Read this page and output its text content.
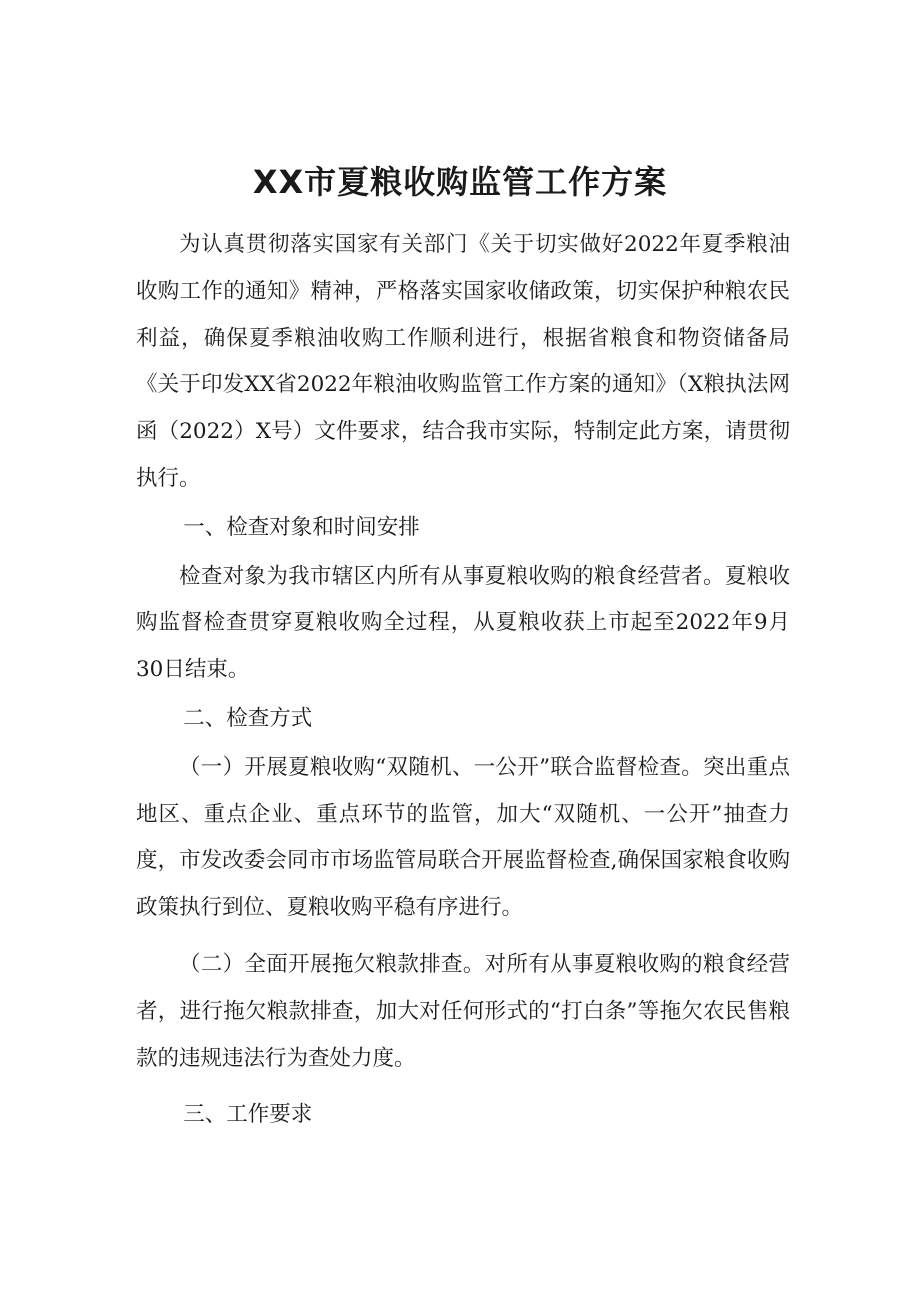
XX市夏粮收购监管工作方案

为认真贯彻落实国家有关部门《关于切实做好2022年夏季粮油收购工作的通知》精神，严格落实国家收储政策，切实保护种粮农民利益，确保夏季粮油收购工作顺利进行，根据省粮食和物资储备局《关于印发XX省2022年粮油收购监管工作方案的通知》（X粮执法网函（2022）X号）文件要求，结合我市实际，特制定此方案，请贯彻执行。

一、检查对象和时间安排

检查对象为我市辖区内所有从事夏粮收购的粮食经营者。夏粮收购监督检查贯穿夏粮收购全过程，从夏粮收获上市起至2022年9月30日结束。

二、检查方式

（一）开展夏粮收购“双随机、一公开”联合监督检查。突出重点地区、重点企业、重点环节的监管，加大“双随机、一公开”抽查力度，市发改委会同市市场监管局联合开展监督检查,确保国家粮食收购政策执行到位、夏粮收购平稳有序进行。

（二）全面开展拖欠粮款排查。对所有从事夏粮收购的粮食经营者，进行拖欠粮款排查，加大对任何形式的“打白条”等拖欠农民售粮款的违规违法行为查处力度。

三、工作要求
